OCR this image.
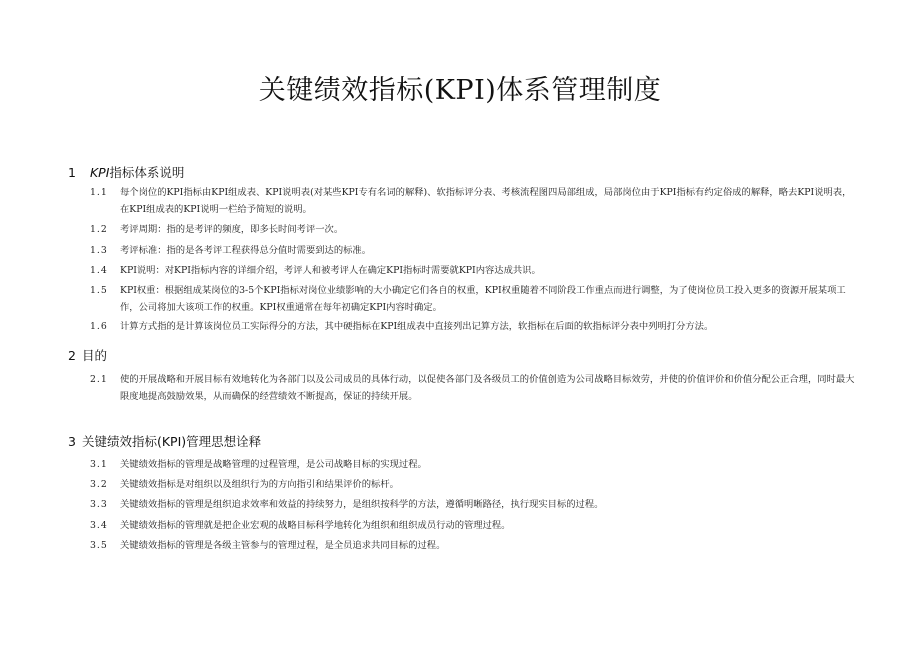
关键绩效指标(KPI)体系管理制度
1 KPI指标体系说明
1.1	每个岗位的KPI指标由KPI组成表、KPI说明表(对某些KPI专有名词的解释)、软指标评分表、考核流程图四局部组成，局部岗位由于KPI指标有约定俗成的解释，略去KPI说明表，在KPI组成表的KPI说明一栏给予简短的说明。
1.2	考评周期：指的是考评的频度，即多长时间考评一次。
1.3	考评标准：指的是各考评工程获得总分值时需要到达的标准。
1.4	KPI说明：对KPI指标内容的详细介绍，考评人和被考评人在确定KPI指标时需要就KPI内容达成共识。
1.5	KPI权重：根据组成某岗位的3-5个KPI指标对岗位业绩影响的大小确定它们各自的权重，KPI权重随着不同阶段工作重点而进行调整，为了使岗位员工投入更多的资源开展某项工作，公司将加大该项工作的权重。KPI权重通常在每年初确定KPI内容时确定。
1.6	计算方式指的是计算该岗位员工实际得分的方法，其中硬指标在KPI组成表中直接列出记算方法，软指标在后面的软指标评分表中列明打分方法。
2 目的
2.1	使的开展战略和开展目标有效地转化为各部门以及公司成员的具体行动，以促使各部门及各级员工的价值创造为公司战略目标效劳，并使的价值评价和价值分配公正合理，同时最大限度地提高鼓励效果，从而确保的经营绩效不断提高，保证的持续开展。
3 关键绩效指标(KPI)管理思想诠释
3.1	关键绩效指标的管理是战略管理的过程管理，是公司战略目标的实现过程。
3.2	关键绩效指标是对组织以及组织行为的方向指引和结果评价的标杆。
3.3	关键绩效指标的管理是组织追求效率和效益的持续努力，是组织按科学的方法，遵循明晰路径，执行现实目标的过程。
3.4	关键绩效指标的管理就是把企业宏观的战略目标科学地转化为组织和组织成员行动的管理过程。
3.5	关键绩效指标的管理是各级主管参与的管理过程，是全员追求共同目标的过程。
